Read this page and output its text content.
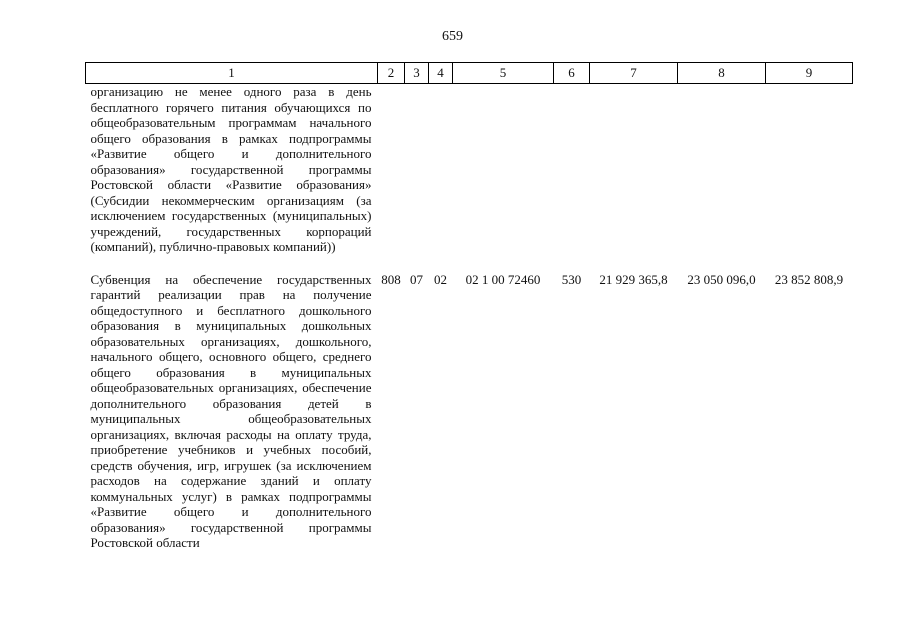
659
1	2	3	4	5	6	7	8	9
организацию не менее одного раза в день бесплатного горячего питания обучающихся по общеобразовательным программам начального общего образования в рамках подпрограммы «Развитие общего и дополнительного образования» государственной программы Ростовской области «Развитие образования» (Субсидии некоммерческим организациям (за исключением государственных (муниципальных) учреждений, государственных корпораций (компаний), публично-правовых компаний))								
Субвенция на обеспечение государственных гарантий реализации прав на получение общедоступного и бесплатного дошкольного образования в муниципальных дошкольных образовательных организациях, дошкольного, начального общего, основного общего, среднего общего образования в муниципальных общеобразовательных организациях, обеспечение дополнительного образования детей в муниципальных общеобразовательных организациях, включая расходы на оплату труда, приобретение учебников и учебных пособий, средств обучения, игр, игрушек (за исключением расходов на содержание зданий и оплату коммунальных услуг) в рамках подпрограммы «Развитие общего и дополнительного образования» государственной программы Ростовской области	808	07	02	02 1 00 72460	530	21 929 365,8	23 050 096,0	23 852 808,9
